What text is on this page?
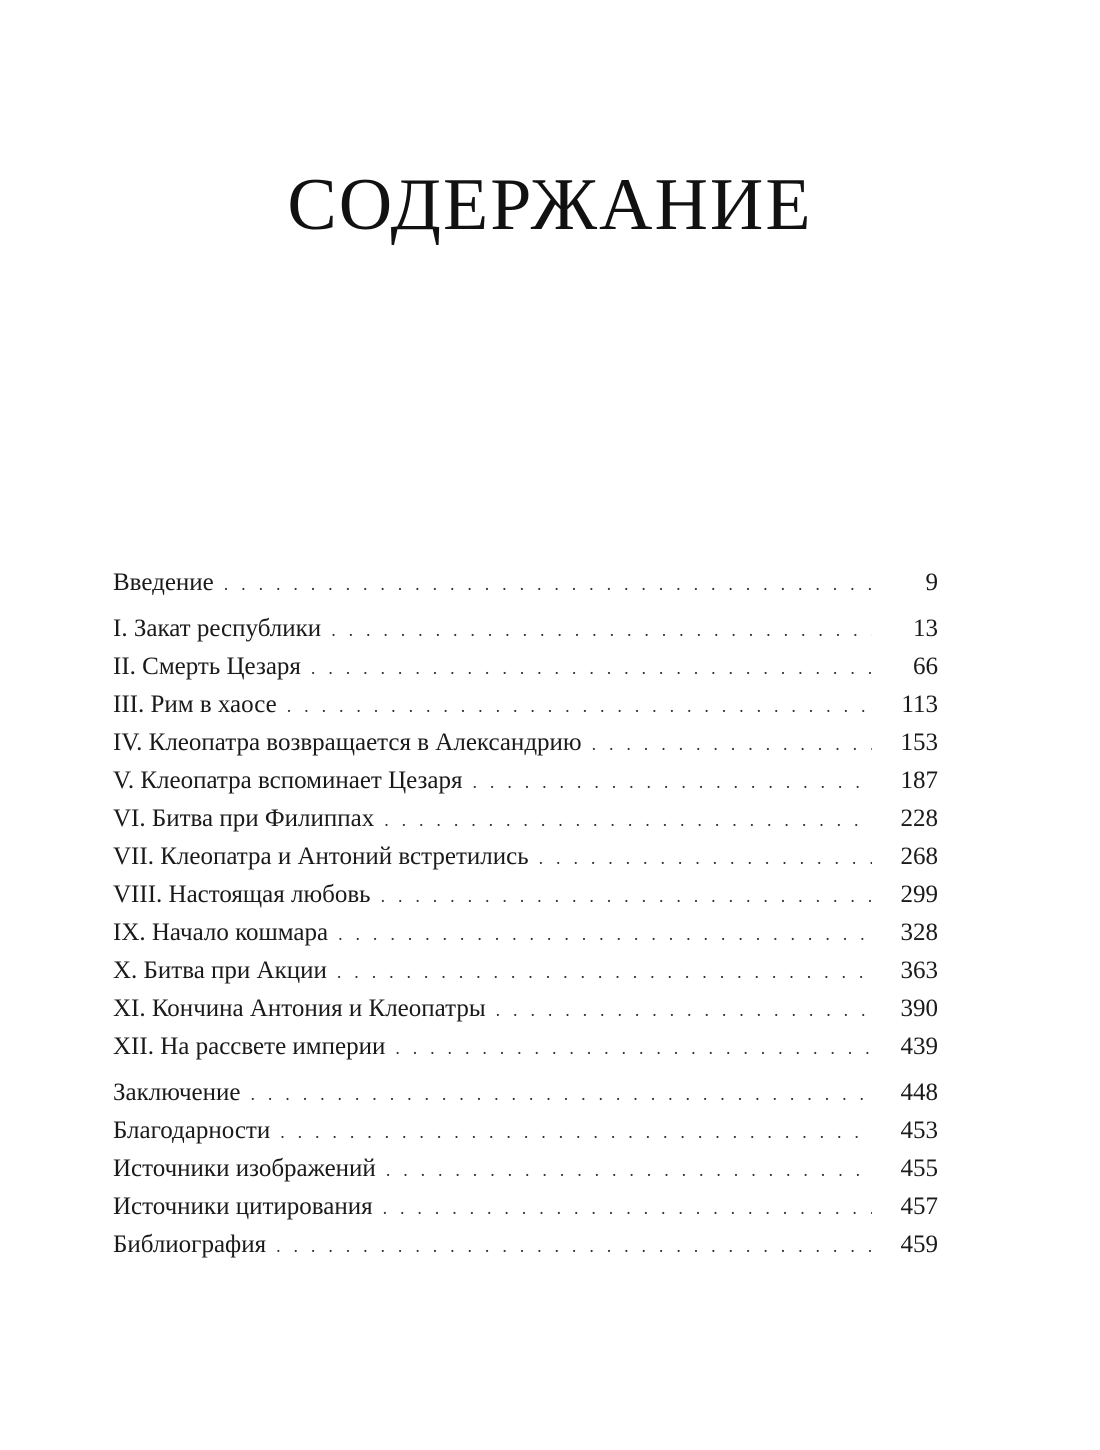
СОДЕРЖАНИЕ
Введение . . .	9
I. Закат республики . . .	13
II. Смерть Цезаря . . .	66
III. Рим в хаосе . . .	113
IV. Клеопатра возвращается в Александрию . . .	153
V. Клеопатра вспоминает Цезаря . . .	187
VI. Битва при Филиппах . . .	228
VII. Клеопатра и Антоний встретились . . .	268
VIII. Настоящая любовь . . .	299
IX. Начало кошмара . . .	328
X. Битва при Акции . . .	363
XI. Кончина Антония и Клеопатры . . .	390
XII. На рассвете империи . . .	439
Заключение . . .	448
Благодарности . . .	453
Источники изображений . . .	455
Источники цитирования . . .	457
Библиография . . .	459
